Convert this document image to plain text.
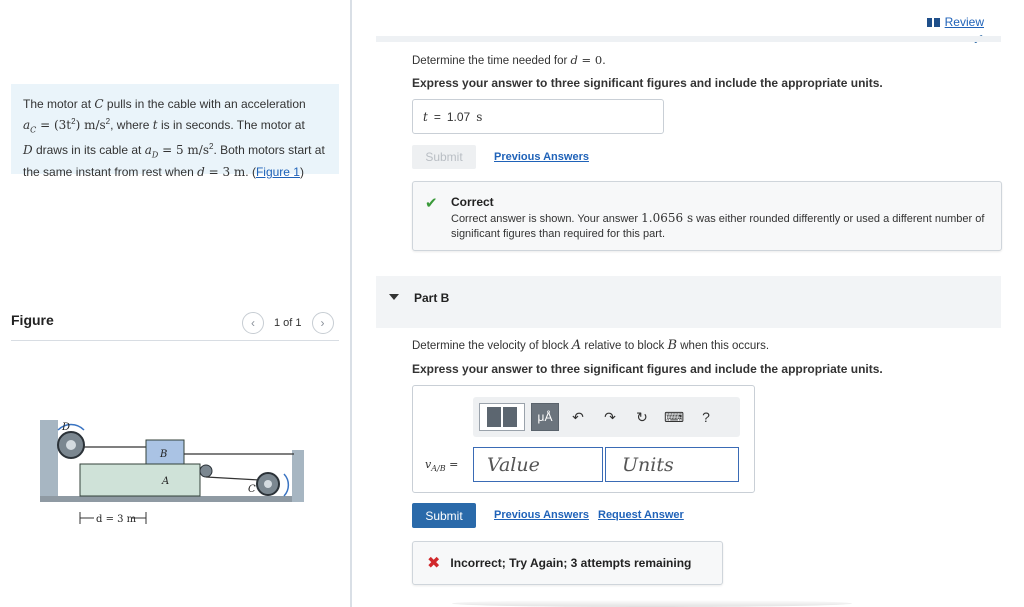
The motor at C pulls in the cable with an acceleration
$a_C = (3t^2)$ $m/s^2$, where t is in seconds. The motor at
D draws in its cable at $a_D = 5$ $m/s^2$. Both motors start at the same instant from rest when d = 3 m. (Figure 1)
Figure	‹	1 of 1	›
D
A
B
C
d = 3 m
Review
Determine the time needed for d = 0.
Express your answer to three significant figures and include the appropriate units.
t = 1.07 s
Submit	Previous Answers
✔ Correct
Correct answer is shown. Your answer 1.0656 s was either rounded differently or used a different number of significant figures than required for this part.
Part B
Determine the velocity of block A relative to block B when this occurs.
Express your answer to three significant figures and include the appropriate units.
μÅ	↶	↷	↻	⌨	?
$v_{A/B}$ =	Value	Units
Submit	Previous Answers Request Answer
✖ Incorrect; Try Again; 3 attempts remaining
